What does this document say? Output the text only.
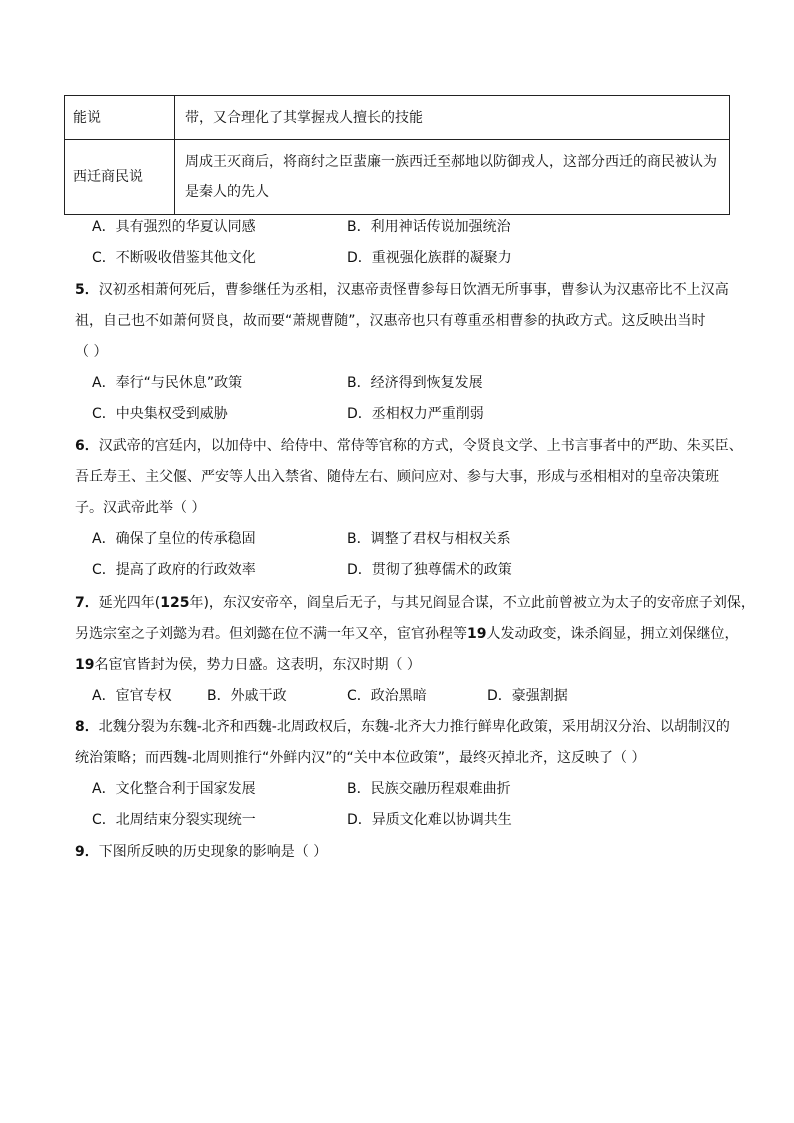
能说	带，又合理化了其掌握戎人擅长的技能
西迁商民说	周成王灭商后，将商纣之臣蜚廉一族西迁至郝地以防御戎人，这部分西迁的商民被认为
是秦人的先人
A．具有强烈的华夏认同感	B．利用神话传说加强统治
C．不断吸收借鉴其他文化	D．重视强化族群的凝聚力
5．汉初丞相萧何死后，曹参继任为丞相，汉惠帝责怪曹参每日饮酒无所事事，曹参认为汉惠帝比不上汉高
祖，自己也不如萧何贤良，故而要“萧规曹随”，汉惠帝也只有尊重丞相曹参的执政方式。这反映出当时
（ ）
A．奉行“与民休息”政策	B．经济得到恢复发展
C．中央集权受到威胁	D．丞相权力严重削弱
6．汉武帝的宫廷内，以加侍中、给侍中、常侍等官称的方式，令贤良文学、上书言事者中的严助、朱买臣、
吾丘寿王、主父偃、严安等人出入禁省、随侍左右、顾问应对、参与大事，形成与丞相相对的皇帝决策班
子。汉武帝此举（ ）
A．确保了皇位的传承稳固	B．调整了君权与相权关系
C．提高了政府的行政效率	D．贯彻了独尊儒术的政策
7．延光四年(125年)，东汉安帝卒，阎皇后无子，与其兄阎显合谋，不立此前曾被立为太子的安帝庶子刘保，
另选宗室之子刘懿为君。但刘懿在位不满一年又卒，宦官孙程等19人发动政变，诛杀阎显，拥立刘保继位，
19名宦官皆封为侯，势力日盛。这表明，东汉时期（ ）
A．宦官专权	B．外戚干政	C．政治黑暗	D．豪强割据
8．北魏分裂为东魏-北齐和西魏-北周政权后，东魏-北齐大力推行鲜卑化政策，采用胡汉分治、以胡制汉的
统治策略；而西魏-北周则推行“外鲜内汉”的“关中本位政策”，最终灭掉北齐，这反映了（ ）
A．文化整合利于国家发展	B．民族交融历程艰难曲折
C．北周结束分裂实现统一	D．异质文化难以协调共生
9．下图所反映的历史现象的影响是（ ）
